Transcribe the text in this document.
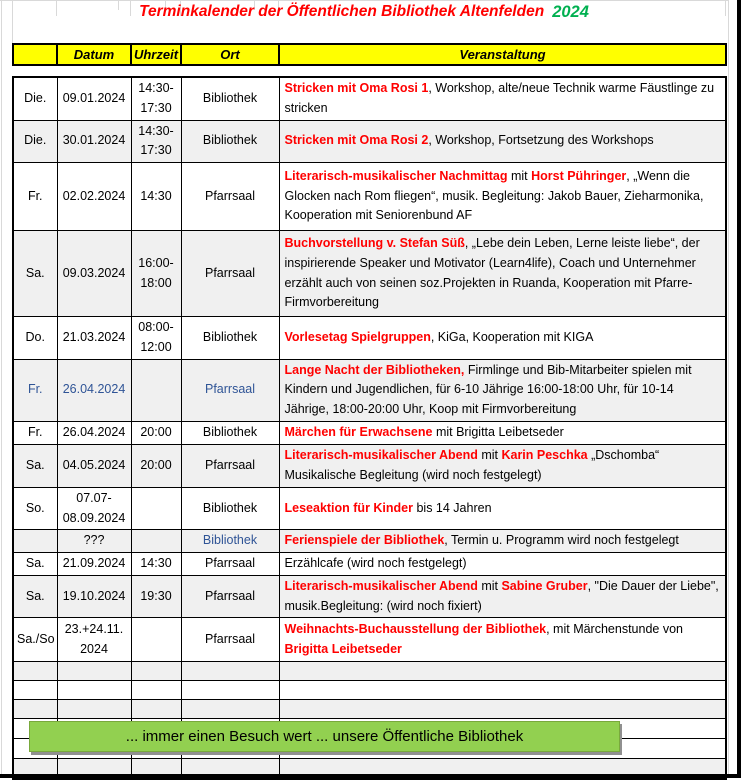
Terminkalender der Öffentlichen Bibliothek Altenfelden 2024
	Datum	Uhrzeit	Ort	Veranstaltung
Die.	09.01.2024	14:30-17:30	Bibliothek	Stricken mit Oma Rosi 1, Workshop, alte/neue Technik warme Fäustlinge zu stricken
Die.	30.01.2024	14:30-17:30	Bibliothek	Stricken mit Oma Rosi 2, Workshop, Fortsetzung des Workshops
Fr.	02.02.2024	14:30	Pfarrsaal	Literarisch-musikalischer Nachmittag mit Horst Pühringer, „Wenn die Glocken nach Rom fliegen“, musik. Begleitung: Jakob Bauer, Zieharmonika, Kooperation mit Seniorenbund AF
Sa.	09.03.2024	16:00-18:00	Pfarrsaal	Buchvorstellung v. Stefan Süß, „Lebe dein Leben, Lerne leiste liebe“, der inspirierende Speaker und Motivator (Learn4life), Coach und Unternehmer erzählt auch von seinen soz.Projekten in Ruanda, Kooperation mit Pfarre-Firmvorbereitung
Do.	21.03.2024	08:00-12:00	Bibliothek	Vorlesetag Spielgruppen, KiGa, Kooperation mit KIGA
Fr.	26.04.2024		Pfarrsaal	Lange Nacht der Bibliotheken, Firmlinge und Bib-Mitarbeiter spielen mit Kindern und Jugendlichen, für 6-10 Jährige 16:00-18:00 Uhr, für 10-14 Jährige, 18:00-20:00 Uhr, Koop mit Firmvorbereitung
Fr.	26.04.2024	20:00	Bibliothek	Märchen für Erwachsene mit Brigitta Leibetseder
Sa.	04.05.2024	20:00	Pfarrsaal	Literarisch-musikalischer Abend mit Karin Peschka „Dschomba“ Musikalische Begleitung (wird noch festgelegt)
So.	07.07-08.09.2024		Bibliothek	Leseaktion für Kinder bis 14 Jahren
	???		Bibliothek	Ferienspiele der Bibliothek, Termin u. Programm wird noch festgelegt
Sa.	21.09.2024	14:30	Pfarrsaal	Erzählcafe (wird noch festgelegt)
Sa.	19.10.2024	19:30	Pfarrsaal	Literarisch-musikalischer Abend mit Sabine Gruber, "Die Dauer der Liebe", musik.Begleitung: (wird noch fixiert)
Sa./So	23.+24.11. 2024		Pfarrsaal	Weihnachts-Buchausstellung der Bibliothek, mit Märchenstunde von Brigitta Leibetseder

... immer einen Besuch wert ... unsere Öffentliche Bibliothek
